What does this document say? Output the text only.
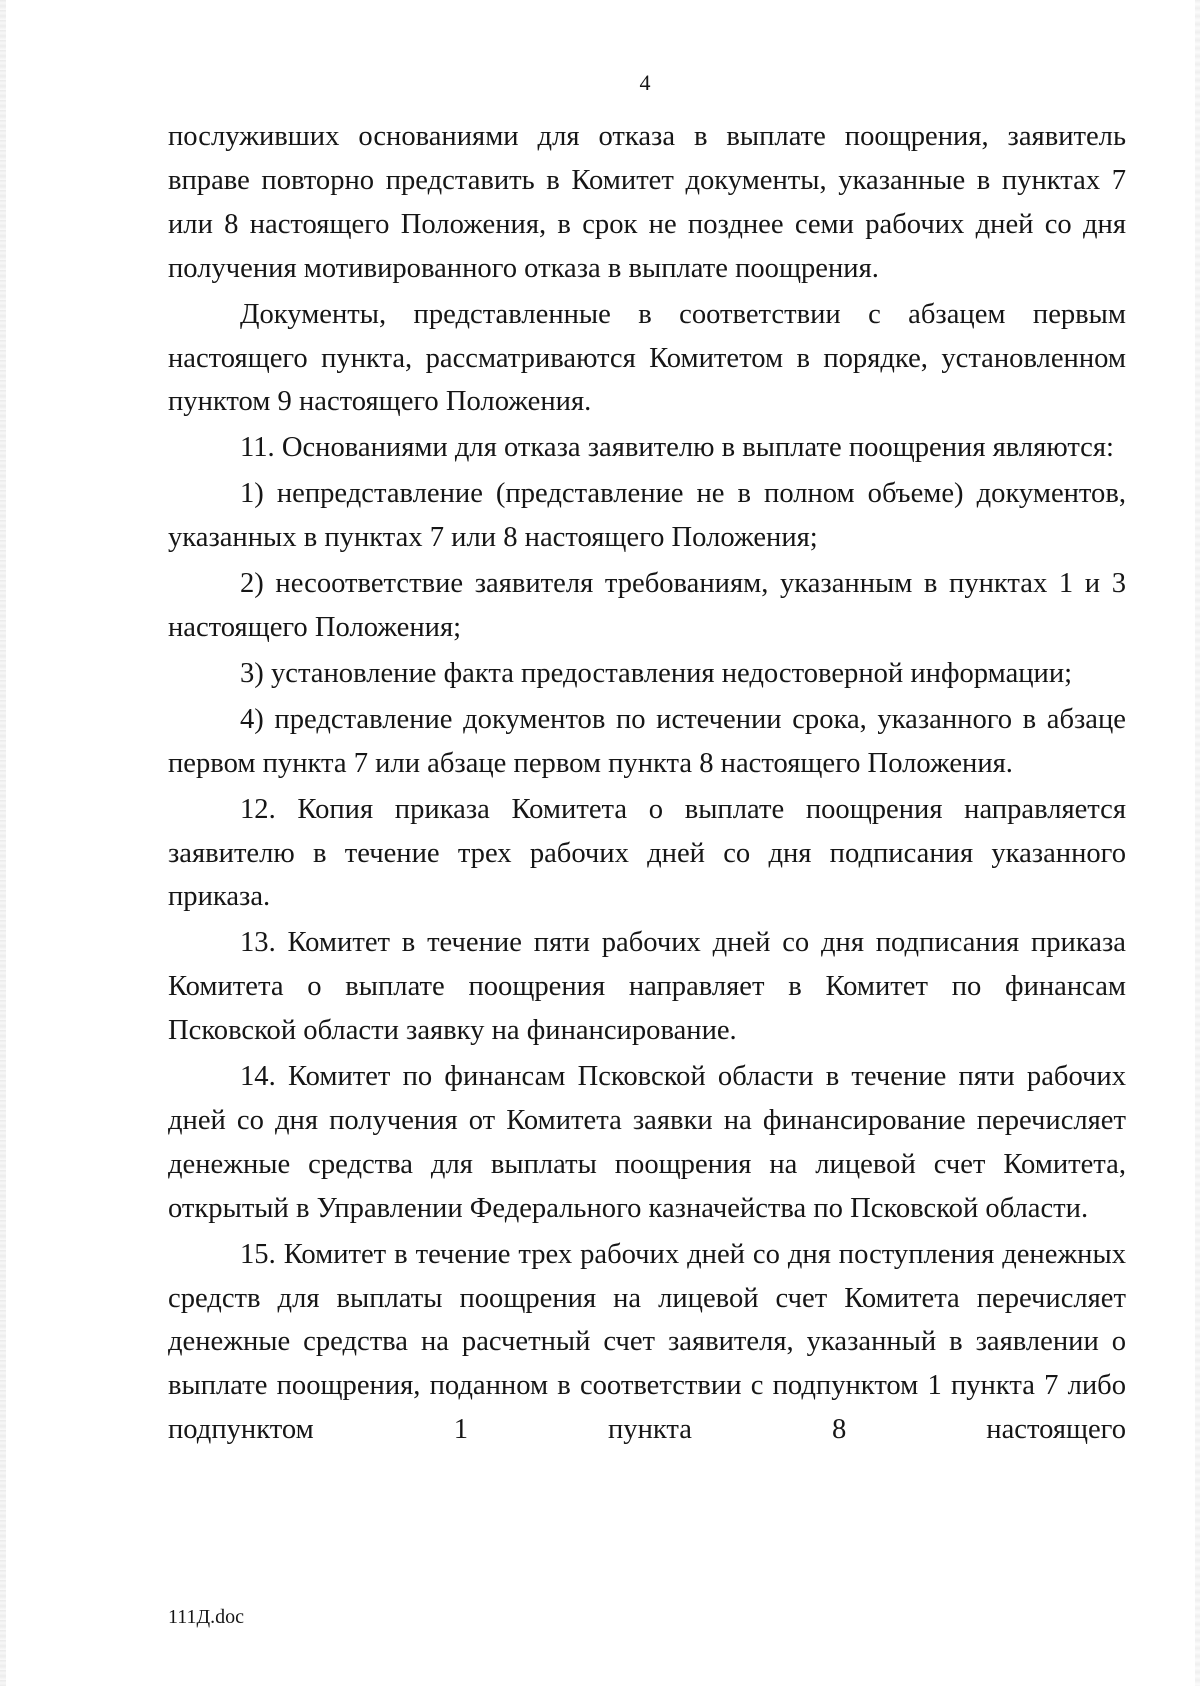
4

послуживших основаниями для отказа в выплате поощрения, заявитель вправе повторно представить в Комитет документы, указанные в пунктах 7 или 8 настоящего Положения, в срок не позднее семи рабочих дней со дня получения мотивированного отказа в выплате поощрения.

Документы, представленные в соответствии с абзацем первым настоящего пункта, рассматриваются Комитетом в порядке, установленном пунктом 9 настоящего Положения.

11. Основаниями для отказа заявителю в выплате поощрения являются:

1) непредставление (представление не в полном объеме) документов, указанных в пунктах 7 или 8 настоящего Положения;

2) несоответствие заявителя требованиям, указанным в пунктах 1 и 3 настоящего Положения;

3) установление факта предоставления недостоверной информации;

4) представление документов по истечении срока, указанного в абзаце первом пункта 7 или абзаце первом пункта 8 настоящего Положения.

12. Копия приказа Комитета о выплате поощрения направляется заявителю в течение трех рабочих дней со дня подписания указанного приказа.

13. Комитет в течение пяти рабочих дней со дня подписания приказа Комитета о выплате поощрения направляет в Комитет по финансам Псковской области заявку на финансирование.

14. Комитет по финансам Псковской области в течение пяти рабочих дней со дня получения от Комитета заявки на финансирование перечисляет денежные средства для выплаты поощрения на лицевой счет Комитета, открытый в Управлении Федерального казначейства по Псковской области.

15. Комитет в течение трех рабочих дней со дня поступления денежных средств для выплаты поощрения на лицевой счет Комитета перечисляет денежные средства на расчетный счет заявителя, указанный в заявлении о выплате поощрения, поданном в соответствии с подпунктом 1 пункта 7 либо подпунктом 1 пункта 8 настоящего

111Д.doc
